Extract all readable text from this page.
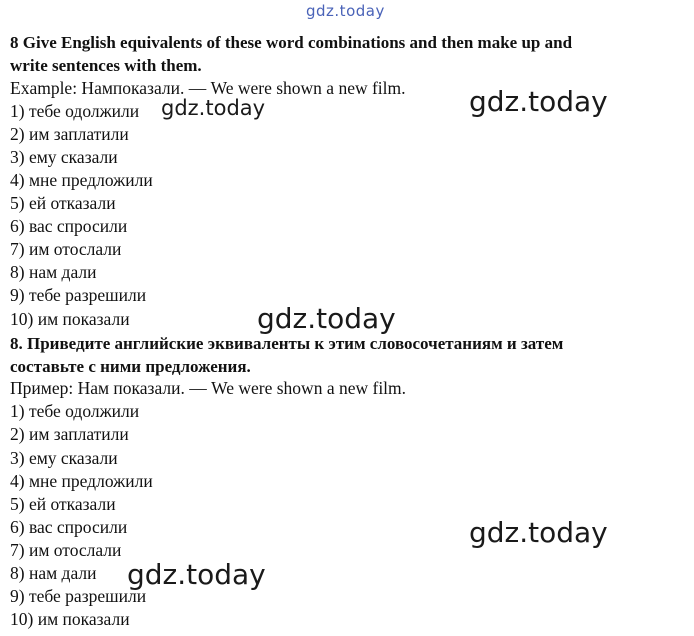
gdz.today
8 Give English equivalents of these word combinations and then make up and
write sentences with them.
Example: Нампоказали. — We were shown a new film.
1) тебе одолжили
2) им заплатили
3) ему сказали
4) мне предложили
5) ей отказали
6) вас спросили
7) им отослали
8) нам дали
9) тебе разрешили
10) им показали
8. Приведите английские эквиваленты к этим словосочетаниям и затем
составьте с ними предложения.
Пример: Нам показали. — We were shown a new film.
1) тебе одолжили
2) им заплатили
3) ему сказали
4) мне предложили
5) ей отказали
6) вас спросили
7) им отослали
8) нам дали
9) тебе разрешили
10) им показали
gdz.today	gdz.today
gdz.today
gdz.today
gdz.today
